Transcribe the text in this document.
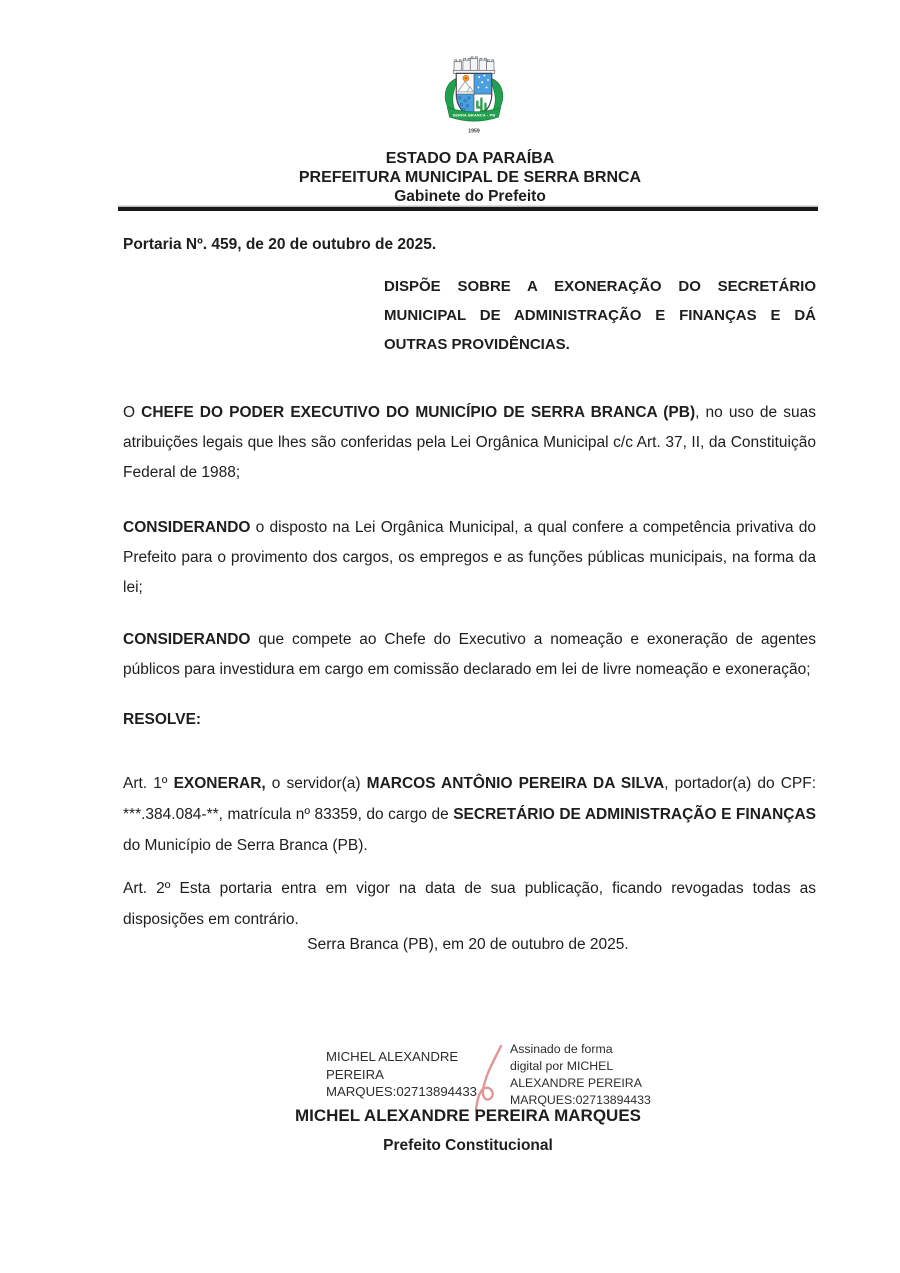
SERRA BRANCA - PB
1959
ESTADO DA PARAÍBA
PREFEITURA MUNICIPAL DE SERRA BRNCA
Gabinete do Prefeito
Portaria Nº. 459, de 20 de outubro de 2025.
DISPÕE SOBRE A EXONERAÇÃO DO SECRETÁRIO MUNICIPAL DE ADMINISTRAÇÃO E FINANÇAS E DÁ OUTRAS PROVIDÊNCIAS.

O CHEFE DO PODER EXECUTIVO DO MUNICÍPIO DE SERRA BRANCA (PB), no uso de suas atribuições legais que lhes são conferidas pela Lei Orgânica Municipal c/c Art. 37, II, da Constituição Federal de 1988;

CONSIDERANDO o disposto na Lei Orgânica Municipal, a qual confere a competência privativa do Prefeito para o provimento dos cargos, os empregos e as funções públicas municipais, na forma da lei;

CONSIDERANDO que compete ao Chefe do Executivo a nomeação e exoneração de agentes públicos para investidura em cargo em comissão declarado em lei de livre nomeação e exoneração;

RESOLVE:

Art. 1º EXONERAR, o servidor(a) MARCOS ANTÔNIO PEREIRA DA SILVA, portador(a) do CPF: ***.384.084-**, matrícula nº 83359, do cargo de SECRETÁRIO DE ADMINISTRAÇÃO E FINANÇAS do Município de Serra Branca (PB).

Art. 2º Esta portaria entra em vigor na data de sua publicação, ficando revogadas todas as disposições em contrário.

Serra Branca (PB), em 20 de outubro de 2025.
MICHEL ALEXANDRE
PEREIRA
MARQUES:02713894433
Assinado de forma
digital por MICHEL
ALEXANDRE PEREIRA
MARQUES:02713894433
MICHEL ALEXANDRE PEREIRA MARQUES
Prefeito Constitucional
